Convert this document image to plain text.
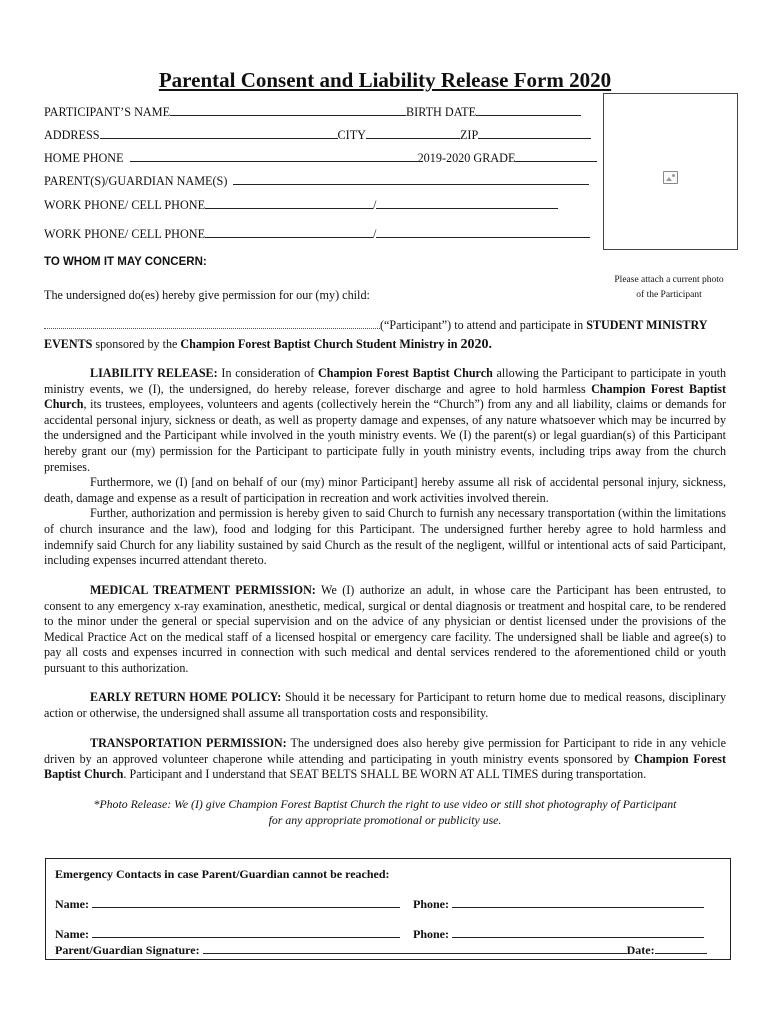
Parental Consent and Liability Release Form 2020
PARTICIPANT’S NAME	BIRTH DATE
ADDRESS	CITY	ZIP
HOME PHONE	2019-2020 GRADE
PARENT(S)/GUARDIAN NAME(S)
WORK PHONE/ CELL PHONE	/
WORK PHONE/ CELL PHONE	/
Please attach a current photo
of the Participant
TO WHOM IT MAY CONCERN:
The undersigned do(es) hereby give permission for our (my) child:
(“Participant”) to attend and participate in STUDENT MINISTRY
EVENTS sponsored by the Champion Forest Baptist Church Student Ministry in 2020.

LIABILITY RELEASE: In consideration of Champion Forest Baptist Church allowing the Participant to participate in youth ministry events, we (I), the undersigned, do hereby release, forever discharge and agree to hold harmless Champion Forest Baptist Church, its trustees, employees, volunteers and agents (collectively herein the “Church”) from any and all liability, claims or demands for accidental personal injury, sickness or death, as well as property damage and expenses, of any nature whatsoever which may be incurred by the undersigned and the Participant while involved in the youth ministry events. We (I) the parent(s) or legal guardian(s) of this Participant hereby grant our (my) permission for the Participant to participate fully in youth ministry events, including trips away from the church premises.

Furthermore, we (I) [and on behalf of our (my) minor Participant] hereby assume all risk of accidental personal injury, sickness, death, damage and expense as a result of participation in recreation and work activities involved therein.

Further, authorization and permission is hereby given to said Church to furnish any necessary transportation (within the limitations of church insurance and the law), food and lodging for this Participant. The undersigned further hereby agree to hold harmless and indemnify said Church for any liability sustained by said Church as the result of the negligent, willful or intentional acts of said Participant, including expenses incurred attendant thereto.

MEDICAL TREATMENT PERMISSION: We (I) authorize an adult, in whose care the Participant has been entrusted, to consent to any emergency x-ray examination, anesthetic, medical, surgical or dental diagnosis or treatment and hospital care, to be rendered to the minor under the general or special supervision and on the advice of any physician or dentist licensed under the provisions of the Medical Practice Act on the medical staff of a licensed hospital or emergency care facility. The undersigned shall be liable and agree(s) to pay all costs and expenses incurred in connection with such medical and dental services rendered to the aforementioned child or youth pursuant to this authorization.

EARLY RETURN HOME POLICY: Should it be necessary for Participant to return home due to medical reasons, disciplinary action or otherwise, the undersigned shall assume all transportation costs and responsibility.

TRANSPORTATION PERMISSION: The undersigned does also hereby give permission for Participant to ride in any vehicle driven by an approved volunteer chaperone while attending and participating in youth ministry events sponsored by Champion Forest Baptist Church. Participant and I understand that SEAT BELTS SHALL BE WORN AT ALL TIMES during transportation.

*Photo Release: We (I) give Champion Forest Baptist Church the right to use video or still shot photography of Participant
for any appropriate promotional or publicity use.
Emergency Contacts in case Parent/Guardian cannot be reached:
Name:	Phone:
Name:	Phone:
Parent/Guardian Signature:	Date:
